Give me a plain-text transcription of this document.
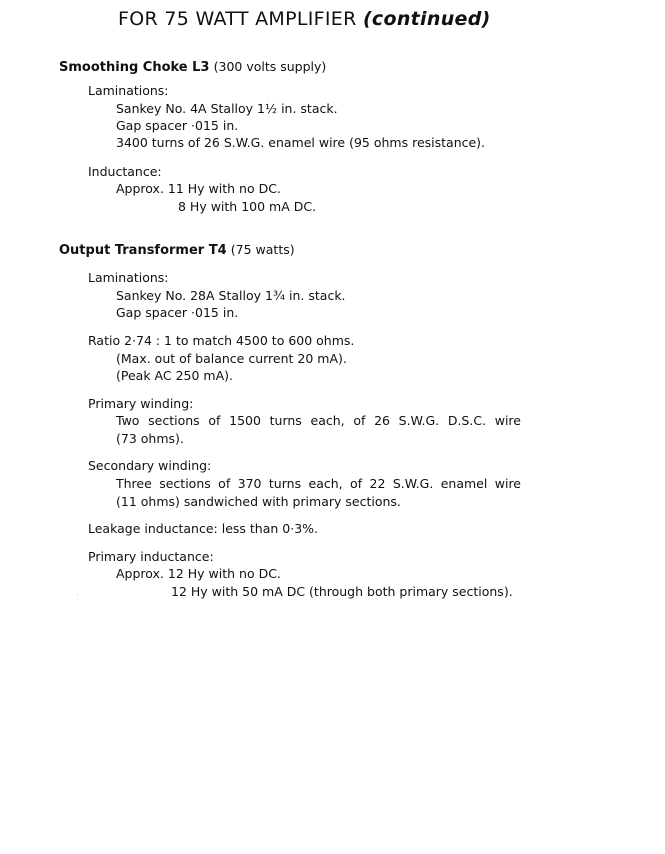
FOR 75 WATT AMPLIFIER (continued)
Smoothing Choke L3 (300 volts supply)
Laminations:
Sankey No. 4A Stalloy 1½ in. stack.
Gap spacer ·015 in.
3400 turns of 26 S.W.G. enamel wire (95 ohms resistance).
Inductance:
Approx. 11 Hy with no DC.
8 Hy with 100 mA DC.
Output Transformer T4 (75 watts)
Laminations:
Sankey No. 28A Stalloy 1¾ in. stack.
Gap spacer ·015 in.
Ratio 2·74 : 1 to match 4500 to 600 ohms.
(Max. out of balance current 20 mA).
(Peak AC 250 mA).
Primary winding:
Two sections of 1500 turns each, of 26 S.W.G. D.S.C. wire
(73 ohms).
Secondary winding:
Three sections of 370 turns each, of 22 S.W.G. enamel wire
(11 ohms) sandwiched with primary sections.
Leakage inductance: less than 0·3%.
Primary inductance:
Approx. 12 Hy with no DC.
12 Hy with 50 mA DC (through both primary sections).
